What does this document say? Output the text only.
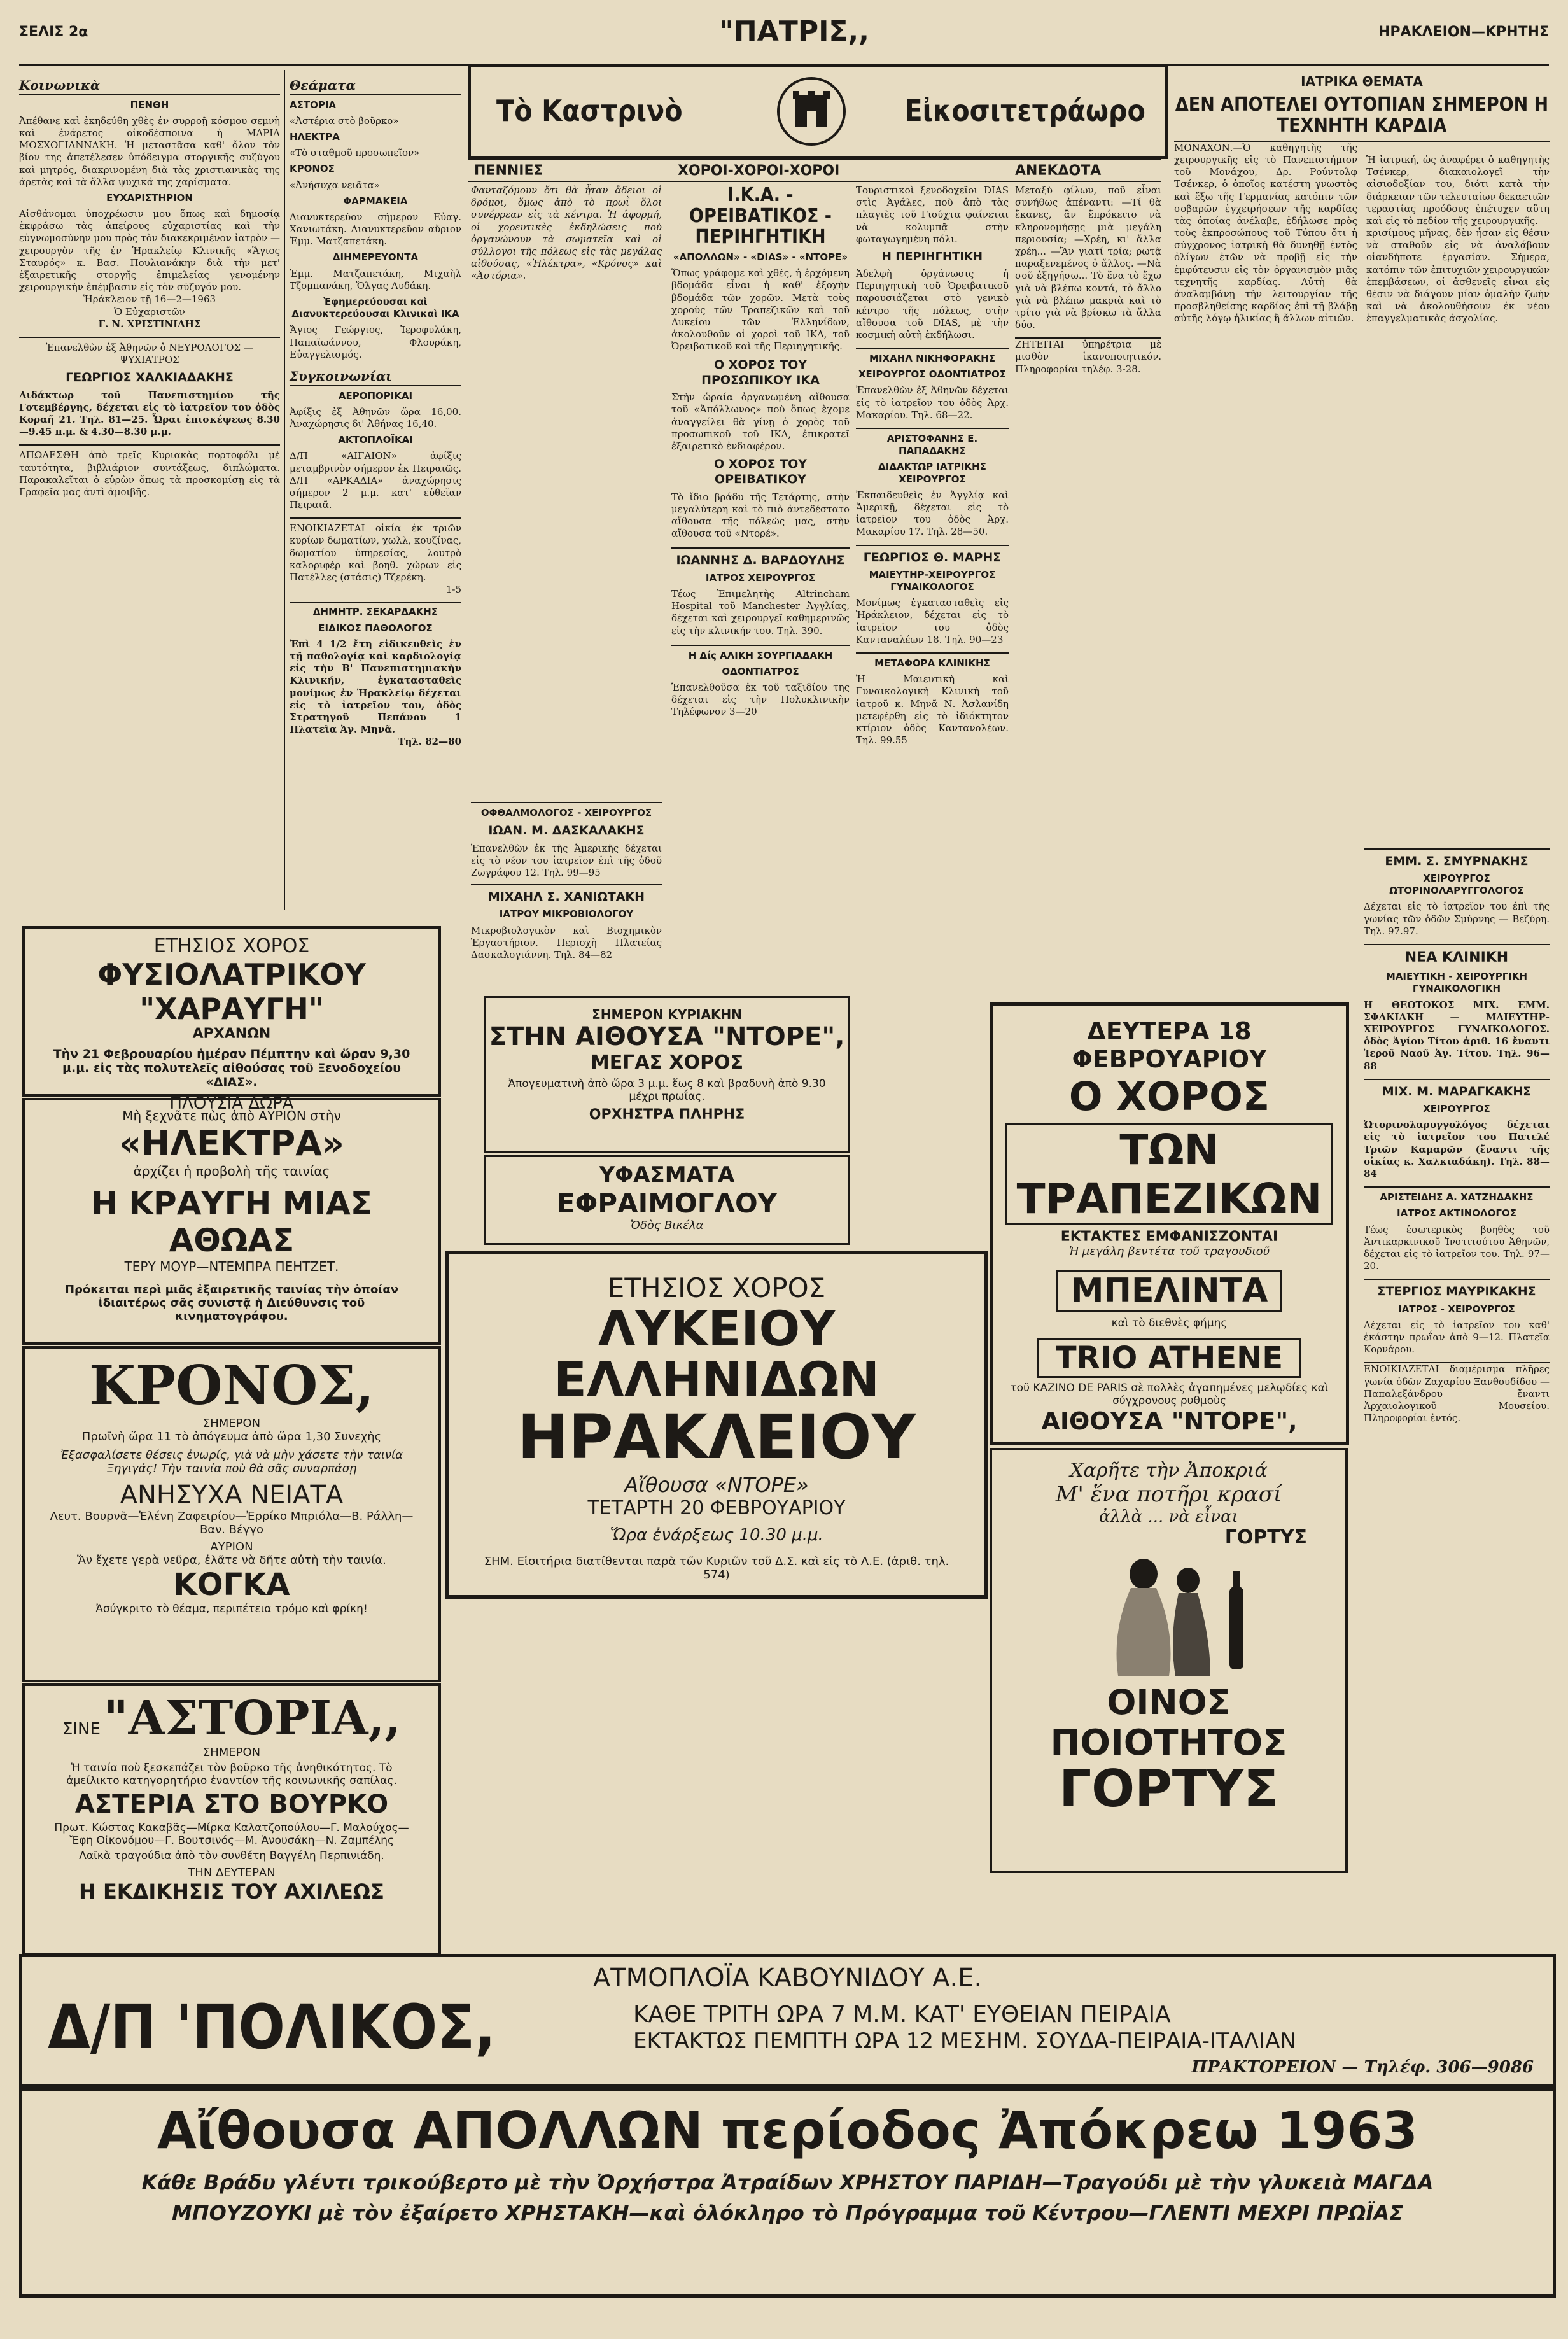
ΣΕΛΙΣ 2α	"ΠΑΤΡΙΣ,,	ΗΡΑΚΛΕΙΟΝ—ΚΡΗΤΗΣ
Τὸ Καστρινὸ	Εἰκοσιτετράωρο
Κοινωνικὰ
ΠΕΝΘΗ
Ἀπέθανε καὶ ἐκηδεύθη χθὲς ἐν συρροῇ κόσμου σεμνὴ καὶ ἐνάρετος οἰκοδέσποινα ἡ ΜΑΡΙΑ ΜΟΣΧΟΓΙΑΝΝΑΚΗ. Ἡ μεταστᾶσα καθ' ὅλον τὸν βίον της ἀπετέλεσεν ὑπόδειγμα στοργικῆς συζύγου καὶ μητρός, διακρινομένη διὰ τὰς χριστιανικὰς της ἀρετὰς καὶ τὰ ἄλλα ψυχικά της χαρίσματα.
ΕΥΧΑΡΙΣΤΗΡΙΟΝ
Αἰσθάνομαι ὑποχρέωσιν μου ὅπως καὶ δημοσίᾳ ἐκφράσω τὰς ἀπείρους εὐχαριστίας καὶ τὴν εὐγνωμοσύνην μου πρὸς τὸν διακεκριμένον ἰατρὸν — χειρουργὸν τῆς ἐν Ἡρακλείῳ Κλινικῆς «Ἅγιος Σταυρός» κ. Βασ. Πουλιανάκην διὰ τὴν μετ' ἐξαιρετικῆς στοργῆς ἐπιμελείας γενομένην χειρουργικὴν ἐπέμβασιν εἰς τὸν σύζυγόν μου.
Ἡράκλειον τῇ 16—2—1963
Ὁ Εὐχαριστῶν
Γ. Ν. ΧΡΙΣΤΙΝΙΔΗΣ
Ἐπανελθὼν ἐξ Ἀθηνῶν ὁ ΝΕΥΡΟΛΟΓΟΣ — ΨΥΧΙΑΤΡΟΣ
ΓΕΩΡΓΙΟΣ ΧΑΛΚΙΑΔΑΚΗΣ
Διδάκτωρ τοῦ Πανεπιστημίου τῆς Γοτεμβέργης, δέχεται εἰς τὸ ἰατρεῖον του ὁδὸς Κοραῆ 21. Τηλ. 81—25. Ὧραι ἐπισκέψεως 8.30—9.45 π.μ. & 4.30—8.30 μ.μ.
ΑΠΩΛΕΣΘΗ ἀπὸ τρεῖς Κυριακὰς πορτοφόλι μὲ ταυτότητα, βιβλιάριον συντάξεως, διπλώματα. Παρακαλεῖται ὁ εὑρὼν ὅπως τὰ προσκομίσῃ εἰς τὰ Γραφεῖα μας ἀντὶ ἀμοιβῆς.
Θεάματα
ΑΣΤΟΡΙΑ
«Ἀστέρια στὸ βοῦρκο»
ΗΛΕΚΤΡΑ
«Τὸ σταθμοῦ προσωπεῖον»
ΚΡΟΝΟΣ
«Ἀνήσυχα νειᾶτα»
ΦΑΡΜΑΚΕΙΑ
Διανυκτερεύον σήμερον Εὐαγ. Χανιωτάκη. Διανυκτερεῦον αὔριον Ἐμμ. Ματζαπετάκη.
ΔΙΗΜΕΡΕΥΟΝΤΑ
Ἐμμ. Ματζαπετάκη, Μιχαὴλ Τζομπανάκη, Ὄλγας Λυδάκη.
Ἐφημερεύουσαι καὶ Διανυκτερεύουσαι Κλινικαὶ ΙΚΑ
Ἅγιος Γεώργιος, Ἱεροφυλάκη, Παπαϊωάννου, Φλουράκη, Εὐαγγελισμός.
Συγκοινωνίαι
ΑΕΡΟΠΟΡΙΚΑΙ
Ἀφίξις ἐξ Ἀθηνῶν ὥρα 16,00. Ἀναχώρησις δι' Ἀθήνας 16,40.
ΑΚΤΟΠΛΟΪΚΑΙ
Δ/Π «ΑΙΓΑΙΟΝ» ἀφίξις μεταμβρινὸν σήμερον ἐκ Πειραιῶς. Δ/Π «ΑΡΚΑΔΙΑ» ἀναχώρησις σήμερον 2 μ.μ. κατ' εὐθεῖαν Πειραιᾶ.
ΕΝΟΙΚΙΑΖΕΤΑΙ οἰκία ἐκ τριῶν κυρίων δωματίων, χωλλ, κουζίνας, δωματίου ὑπηρεσίας, λουτρὸ καλοριφὲρ καὶ βοηθ. χώρων εἰς Πατέλλες (στάσις) Τζερέκη.
1-5
ΔΗΜΗΤΡ. ΣΕΚΑΡΔΑΚΗΣ
ΕΙΔΙΚΟΣ ΠΑΘΟΛΟΓΟΣ
Ἐπὶ 4 1/2 ἔτη εἰδικευθεὶς ἐν τῇ παθολογίᾳ καὶ καρδιολογίᾳ εἰς τὴν Β' Πανεπιστημιακὴν Κλινικήν, ἐγκατασταθεὶς μονίμως ἐν Ἡρακλείῳ δέχεται εἰς τὸ ἰατρεῖον του, ὁδὸς Στρατηγοῦ Πεπάνου 1 Πλατεῖα Ἁγ. Μηνᾶ.
Τηλ. 82—80
ΠΕΝΝΙΕΣ	ΧΟΡΟΙ-ΧΟΡΟΙ-ΧΟΡΟΙ	ΑΝΕΚΔΟΤΑ
Φανταζόμουν ὅτι θὰ ἦταν ἄδειοι οἱ δρόμοι, ὅμως ἀπὸ τὸ πρωῒ ὅλοι συνέρρεαν εἰς τὰ κέντρα. Ἡ ἀφορμή, οἱ χορευτικὲς ἐκδηλώσεις ποὺ ὀργανώνουν τὰ σωματεῖα καὶ οἱ σύλλογοι τῆς πόλεως εἰς τὰς μεγάλας αἰθούσας, «Ἠλέκτρα», «Κρόνος» καὶ «Ἀστόρια».
Ι.Κ.Α. - ΟΡΕΙΒΑΤΙΚΟΣ - ΠΕΡΙΗΓΗΤΙΚΗ
«ΑΠΟΛΛΩΝ» - «DIAS» - «ΝΤΟΡΕ»
Ὅπως γράφομε καὶ χθές, ἡ ἑρχόμενη βδομάδα εἶναι ἡ καθ' ἐξοχὴν βδομάδα τῶν χορῶν. Μετὰ τοὺς χοροὺς τῶν Τραπεζικῶν καὶ τοῦ Λυκείου τῶν Ἑλληνίδων, ἀκολουθοῦν οἱ χοροὶ τοῦ ΙΚΑ, τοῦ Ὀρειβατικοῦ καὶ τῆς Περιηγητικῆς.
Ο ΧΟΡΟΣ ΤΟΥ ΠΡΟΣΩΠΙΚΟΥ ΙΚΑ
Στὴν ὡραία ὀργανωμένη αἴθουσα τοῦ «Ἀπόλλωνος» ποὺ ὅπως ἔχομε ἀναγγείλει θὰ γίνῃ ὁ χορὸς τοῦ προσωπικοῦ τοῦ ΙΚΑ, ἐπικρατεῖ ἐξαιρετικὸ ἐνδιαφέρον.
Ο ΧΟΡΟΣ ΤΟΥ ΟΡΕΙΒΑΤΙΚΟΥ
Τὸ ἴδιο βράδυ τῆς Τετάρτης, στὴν μεγαλύτερη καὶ τὸ πιὸ ἀντεδέστατο αἴθουσα τῆς πόλεώς μας, στὴν αἴθουσα τοῦ «Ντορέ».
ΙΩΑΝΝΗΣ Δ. ΒΑΡΔΟΥΛΗΣ
ΙΑΤΡΟΣ ΧΕΙΡΟΥΡΓΟΣ
Τέως Ἐπιμελητὴς Altrincham Hospital τοῦ Manchester Ἀγγλίας, δέχεται καὶ χειρουργεῖ καθημερινῶς εἰς τὴν κλινικήν του. Τηλ. 390.
Η Δίς ΑΛΙΚΗ ΣΟΥΡΓΙΑΔΑΚΗ
ΟΔΟΝΤΙΑΤΡΟΣ
Ἐπανελθοῦσα ἐκ τοῦ ταξιδίου της δέχεται εἰς τὴν Πολυκλινικὴν Τηλέφωνον 3—20
Τουριστικοὶ ξενοδοχεῖοι DIAS στὶς Ἀγάλες, ποὺ ἀπὸ τὰς πλαγιὲς τοῦ Γιούχτα φαίνεται νὰ κολυμπᾷ στὴν φωταγωγημένη πόλι.
Η ΠΕΡΙΗΓΗΤΙΚΗ
Ἀδελφὴ ὀργάνωσις ἡ Περιηγητικὴ τοῦ Ὀρειβατικοῦ παρουσιάζεται στὸ γενικὸ κέντρο τῆς πόλεως, στὴν αἴθουσα τοῦ DIAS, μὲ τὴν κοσμικὴ αὐτὴ ἐκδήλωσι.
ΜΙΧΑΗΛ ΝΙΚΗΦΟΡΑΚΗΣ
ΧΕΙΡΟΥΡΓΟΣ ΟΔΟΝΤΙΑΤΡΟΣ
Ἐπανελθὼν ἐξ Ἀθηνῶν δέχεται εἰς τὸ ἰατρεῖον του ὁδὸς Ἀρχ. Μακαρίου. Τηλ. 68—22.
ΑΡΙΣΤΟΦΑΝΗΣ Ε. ΠΑΠΑΔΑΚΗΣ
ΔΙΔΑΚΤΩΡ ΙΑΤΡΙΚΗΣ ΧΕΙΡΟΥΡΓΟΣ
Ἐκπαιδευθεὶς ἐν Ἀγγλίᾳ καὶ Ἀμερικῇ, δέχεται εἰς τὸ ἰατρεῖον του ὁδὸς Ἀρχ. Μακαρίου 17. Τηλ. 28—50.
ΓΕΩΡΓΙΟΣ Θ. ΜΑΡΗΣ
ΜΑΙΕΥΤΗΡ-ΧΕΙΡΟΥΡΓΟΣ ΓΥΝΑΙΚΟΛΟΓΟΣ
Μονίμως ἐγκατασταθεὶς εἰς Ἡράκλειον, δέχεται εἰς τὸ ἰατρεῖον του ὁδὸς Κανταναλέων 18. Τηλ. 90—23
ΜΕΤΑΦΟΡΑ ΚΛΙΝΙΚΗΣ
Ἡ Μαιευτικὴ καὶ Γυναικολογικὴ Κλινικὴ τοῦ ἰατροῦ κ. Μηνᾶ Ν. Ἀσλανίδη μετεφέρθη εἰς τὸ ἰδιόκτητον κτίριον ὁδὸς Καντανολέων. Τηλ. 99.55
Μεταξὺ φίλων, ποῦ εἶναι συνήθως ἀπέναντι: —Τί θὰ ἔκανες, ἂν ἔπρόκειτο νὰ κληρονομήσῃς μιὰ μεγάλη περιουσία; —Χρέη, κι' ἄλλα χρέη... —Ἂν γιατί τρία; ρωτᾷ παραξενεμένος ὁ ἄλλος. —Νὰ σοῦ ἐξηγήσω... Τὸ ἕνα τὸ ἔχω γιὰ νὰ βλέπω κοντά, τὸ ἄλλο γιὰ νὰ βλέπω μακριὰ καὶ τὸ τρίτο γιὰ νὰ βρίσκω τὰ ἄλλα δύο.
ΖΗΤΕΙΤΑΙ ὑπηρέτρια μὲ μισθὸν ἱκανοποιητικόν. Πληροφορίαι τηλέφ. 3-28.
ΟΦΘΑΛΜΟΛΟΓΟΣ - ΧΕΙΡΟΥΡΓΟΣ
ΙΩΑΝ. Μ. ΔΑΣΚΑΛΑΚΗΣ
Ἐπανελθὼν ἐκ τῆς Ἀμερικῆς δέχεται εἰς τὸ νέον του ἰατρεῖον ἐπὶ τῆς ὁδοῦ Ζωγράφου 12. Τηλ. 99—95
ΜΙΧΑΗΛ Σ. ΧΑΝΙΩΤΑΚΗ
ΙΑΤΡΟΥ ΜΙΚΡΟΒΙΟΛΟΓΟΥ
Μικροβιολογικὸν καὶ Βιοχημικὸν Ἐργαστήριον. Περιοχὴ Πλατείας Δασκαλογιάννη. Τηλ. 84—82
ΣΗΜΕΡΟΝ ΚΥΡΙΑΚΗΝ
ΣΤΗΝ ΑΙΘΟΥΣΑ "ΝΤΟΡΕ",
ΜΕΓΑΣ ΧΟΡΟΣ
Ἀπογευματινὴ ἀπὸ ὥρα 3 μ.μ. ἕως 8 καὶ βραδυνὴ ἀπὸ 9.30 μέχρι πρωΐας.
ΟΡΧΗΣΤΡΑ ΠΛΗΡΗΣ
ΥΦΑΣΜΑΤΑ
ΕΦΡΑΙΜΟΓΛΟΥ
Ὁδὸς Βικέλα
ΕΤΗΣΙΟΣ ΧΟΡΟΣ
ΛΥΚΕΙΟΥ ΕΛΛΗΝΙΔΩΝ
ΗΡΑΚΛΕΙΟΥ
Αἴθουσα «ΝΤΟΡΕ»
ΤΕΤΑΡΤΗ 20 ΦΕΒΡΟΥΑΡΙΟΥ
Ὥρα ἐνάρξεως 10.30 μ.μ.
ΣΗΜ. Εἰσιτήρια διατίθενται παρὰ τῶν Κυριῶν τοῦ Δ.Σ. καὶ εἰς τὸ Λ.Ε. (ἀριθ. τηλ. 574)
ΔΕΥΤΕΡΑ 18 ΦΕΒΡΟΥΑΡΙΟΥ
Ο ΧΟΡΟΣ
ΤΩΝ ΤΡΑΠΕΖΙΚΩΝ
ΕΚΤΑΚΤΕΣ ΕΜΦΑΝΙΣΖΟΝΤΑΙ
Ἡ μεγάλη βεντέτα τοῦ τραγουδιοῦ
ΜΠΕΛΙΝΤΑ
καὶ τὸ διεθνὲς φήμης
TRIO ATHENE
τοῦ ΚΑΖΙΝΟ DE PARIS σὲ πολλὲς ἀγαπημένες μελῳδίες καὶ σύγχρονους ρυθμοὺς
ΑΙΘΟΥΣΑ "ΝΤΟΡΕ",
Χαρῆτε τὴν Ἀποκριά
Μ' ἕνα ποτῆρι κρασί
ἀλλὰ ... νὰ εἶναι
ΓΟΡΤΥΣ
ΟΙΝΟΣ
ΠΟΙΟΤΗΤΟΣ
ΓΟΡΤΥΣ
ΙΑΤΡΙΚΑ ΘΕΜΑΤΑ
ΔΕΝ ΑΠΟΤΕΛΕΙ ΟΥΤΟΠΙΑΝ ΣΗΜΕΡΟΝ Η ΤΕΧΝΗΤΗ ΚΑΡΔΙΑ
ΜΟΝΑΧΟΝ.—Ὁ καθηγητὴς τῆς χειρουργικῆς εἰς τὸ Πανεπιστήμιον τοῦ Μονάχου, Δρ. Ρούντολφ Τσένκερ, ὁ ὁποῖος κατέστη γνωστὸς καὶ ἔξω τῆς Γερμανίας κατόπιν τῶν σοβαρῶν ἐγχειρήσεων τῆς καρδίας τὰς ὁποίας ἀνέλαβε, ἐδήλωσε πρὸς τοὺς ἐκπροσώπους τοῦ Τύπου ὅτι ἡ σύγχρονος ἰατρικὴ θὰ δυνηθῇ ἐντὸς ὀλίγων ἐτῶν νὰ προβῇ εἰς τὴν ἐμφύτευσιν εἰς τὸν ὀργανισμὸν μιᾶς τεχνητῆς καρδίας. Αὐτὴ θὰ ἀναλαμβάνῃ τὴν λειτουργίαν τῆς προσβληθείσης καρδίας ἐπὶ τῇ βλάβῃ αὐτῆς λόγῳ ἡλικίας ἢ ἄλλων αἰτιῶν.

Ἡ ἰατρική, ὡς ἀναφέρει ὁ καθηγητὴς Τσένκερ, διακαιολογεῖ τὴν αἰσιοδοξίαν του, διότι κατὰ τὴν διάρκειαν τῶν τελευταίων δεκαετιῶν τεραστίας προόδους ἐπέτυχεν αὕτη καὶ εἰς τὸ πεδίον τῆς χειρουργικῆς.
κρισίμους μῆνας, δὲν ἦσαν εἰς θέσιν νὰ σταθοῦν εἰς νὰ ἀναλάβουν οἱανδήποτε ἐργασίαν. Σήμερα, κατόπιν τῶν ἐπιτυχιῶν χειρουργικῶν ἐπεμβάσεων, οἱ ἀσθενεῖς εἶναι εἰς θέσιν νὰ διάγουν μίαν ὁμαλὴν ζωὴν καὶ νὰ ἀκολουθήσουν ἐκ νέου ἐπαγγελματικὰς ἀσχολίας.
ΕΜΜ. Σ. ΣΜΥΡΝΑΚΗΣ
ΧΕΙΡΟΥΡΓΟΣ ΩΤΟΡΙΝΟΛΑΡΥΓΓΟΛΟΓΟΣ
Δέχεται εἰς τὸ ἰατρεῖον του ἐπὶ τῆς γωνίας τῶν ὁδῶν Σμύρνης — Βεζύρη. Τηλ. 97.97.
ΝΕΑ ΚΛΙΝΙΚΗ
ΜΑΙΕΥΤΙΚΗ - ΧΕΙΡΟΥΡΓΙΚΗ ΓΥΝΑΙΚΟΛΟΓΙΚΗ
Η ΘΕΟΤΟΚΟΣ ΜΙΧ. ΕΜΜ. ΣΦΑΚΙΑΚΗ — ΜΑΙΕΥΤΗΡ-ΧΕΙΡΟΥΡΓΟΣ ΓΥΝΑΙΚΟΛΟΓΟΣ. ὁδὸς Ἁγίου Τίτου ἀριθ. 16 ἔναντι Ἱεροῦ Ναοῦ Ἁγ. Τίτου. Τηλ. 96—88
ΜΙΧ. Μ. ΜΑΡΑΓΚΑΚΗΣ
ΧΕΙΡΟΥΡΓΟΣ
Ὠτορινολαρυγγολόγος δέχεται εἰς τὸ ἰατρεῖον του Πατελέ Τριῶν Καμαρῶν (ἔναντι τῆς οἰκίας κ. Χαλκιαδάκη). Τηλ. 88—84
ΑΡΙΣΤΕΙΔΗΣ Α. ΧΑΤΖΗΔΑΚΗΣ
ΙΑΤΡΟΣ ΑΚΤΙΝΟΛΟΓΟΣ
Τέως ἐσωτερικὸς βοηθὸς τοῦ Ἀντικαρκινικοῦ Ἰνστιτούτου Ἀθηνῶν, δέχεται εἰς τὸ ἰατρεῖον του. Τηλ. 97—20.
ΣΤΕΡΓΙΟΣ ΜΑΥΡΙΚΑΚΗΣ
ΙΑΤΡΟΣ - ΧΕΙΡΟΥΡΓΟΣ
Δέχεται εἰς τὸ ἰατρεῖον του καθ' ἑκάστην πρωΐαν ἀπὸ 9—12. Πλατεῖα Κορνάρου.
ΕΝΟΙΚΙΑΖΕΤΑΙ διαμέρισμα πλῆρες γωνία ὁδῶν Ζαχαρίου Ξανθουδίδου — Παπαλεξάνδρου ἔναντι Ἀρχαιολογικοῦ Μουσείου. Πληροφορίαι ἐντός.
ΕΤΗΣΙΟΣ ΧΟΡΟΣ
ΦΥΣΙΟΛΑΤΡΙΚΟΥ "ΧΑΡΑΥΓΗ"
ΑΡΧΑΝΩΝ
Τὴν 21 Φεβρουαρίου ἡμέραν Πέμπτην καὶ ὥραν 9,30 μ.μ. εἰς τὰς πολυτελεῖς αἰθούσας τοῦ Ξενοδοχείου «ΔΙΑΣ».
ΠΛΟΥΣΙΑ ΔΩΡΑ
Μὴ ξεχνᾶτε πὼς ἀπὸ ΑΥΡΙΟΝ στὴν
«ΗΛΕΚΤΡΑ»
ἀρχίζει ἡ προβολὴ τῆς ταινίας
Η ΚΡΑΥΓΗ ΜΙΑΣ ΑΘΩΑΣ
ΤΕΡΥ ΜΟΥΡ—ΝΤΕΜΠΡΑ ΠΕΗΤΖΕΤ.
Πρόκειται περὶ μιᾶς ἐξαιρετικῆς ταινίας τὴν ὁποίαν ἰδιαιτέρως σᾶς συνιστᾷ ἡ Διεύθυνσις τοῦ κινηματογράφου.
ΚΡΟΝΟΣ,
ΣΗΜΕΡΟΝ
Πρωϊνὴ ὥρα 11 τὸ ἀπόγευμα ἀπὸ ὥρα 1,30 Συνεχὴς
Ἐξασφαλίσετε θέσεις ἐνωρίς, γιὰ νὰ μὴν χάσετε τὴν ταινία Ξηγιγάς! Τὴν ταινία ποὺ θὰ σᾶς συναρπάσῃ
ΑΝΗΣΥΧΑ ΝΕΙΑΤΑ
Λευτ. Βουρνᾶ—Ἑλένη Ζαφειρίου—Ἐρρίκο Μπριόλα—Β. Ράλλη—Βαν. Βέγγο
ΑΥΡΙΟΝ
Ἄν ἔχετε γερὰ νεῦρα, ἐλᾶτε νὰ δῆτε αὐτὴ τὴν ταινία.
ΚΟΓΚΑ
Ἀσύγκριτο τὸ θέαμα, περιπέτεια τρόμο καὶ φρίκη!
ΣΙΝΕ "ΑΣΤΟΡΙΑ,,
ΣΗΜΕΡΟΝ
Ἡ ταινία ποὺ ξεσκεπάζει τὸν βοῦρκο τῆς ἀνηθικότητος. Τὸ ἀμείλικτο κατηγορητήριο ἐναντίον τῆς κοινωνικῆς σαπίλας.
ΑΣΤΕΡΙΑ ΣΤΟ ΒΟΥΡΚΟ
Πρωτ. Κώστας Κακαβᾶς—Μίρκα Καλατζοπούλου—Γ. Μαλούχος—Ἔφη Οἰκονόμου—Γ. Βουτσινός—Μ. Ἀνουσάκη—Ν. Ζαμπέλης
Λαϊκὰ τραγούδια ἀπὸ τὸν συνθέτη Βαγγέλη Περπινιάδη.
ΤΗΝ ΔΕΥΤΕΡΑΝ
Η ΕΚΔΙΚΗΣΙΣ ΤΟΥ ΑΧΙΛΕΩΣ
ΑΤΜΟΠΛΟΪΑ ΚΑΒΟΥΝΙΔΟΥ Α.Ε.
Δ/Π 'ΠΟΛΙΚΟΣ,	ΚΑΘΕ ΤΡΙΤΗ ΩΡΑ 7 Μ.Μ. ΚΑΤ' ΕΥΘΕΙΑΝ ΠΕΙΡΑΙΑ
ΕΚΤΑΚΤΩΣ ΠΕΜΠΤΗ ΩΡΑ 12 ΜΕΣΗΜ. ΣΟΥΔΑ-ΠΕΙΡΑΙΑ-ΙΤΑΛΙΑΝ
ΠΡΑΚΤΟΡΕΙΟΝ — Τηλέφ. 306—9086
Αἴθουσα ΑΠΟΛΛΩΝ περίοδος Ἀπόκρεω 1963
Κάθε Βράδυ γλέντι τρικούβερτο μὲ τὴν Ὀρχήστρα Ἀτραίδων ΧΡΗΣΤΟΥ ΠΑΡΙΔΗ—Τραγούδι μὲ τὴν γλυκειὰ ΜΑΓΔΑ
ΜΠΟΥΖΟΥΚΙ μὲ τὸν ἐξαίρετο ΧΡΗΣΤΑΚΗ—καὶ ὁλόκληρο τὸ Πρόγραμμα τοῦ Κέντρου—ΓΛΕΝΤΙ ΜΕΧΡΙ ΠΡΩΪΑΣ
